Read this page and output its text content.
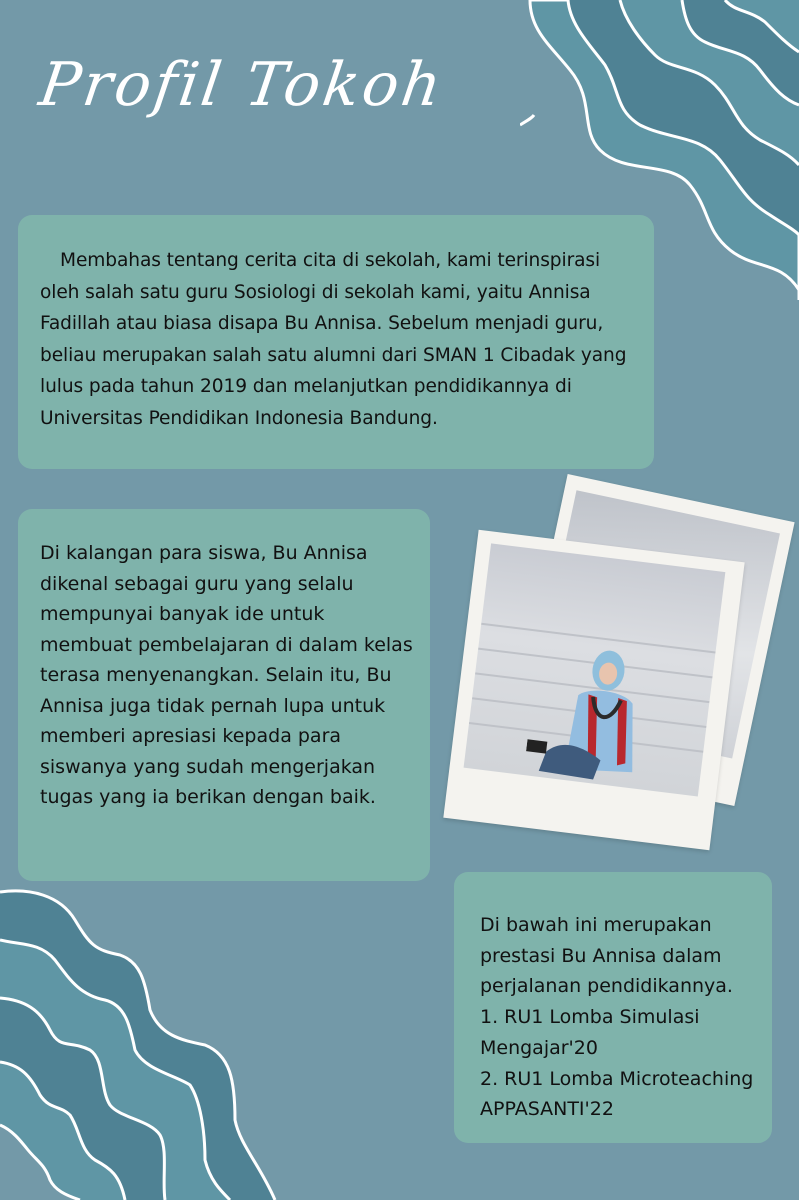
Profil Tokoh

Membahas tentang cerita cita di sekolah, kami terinspirasi oleh salah satu guru Sosiologi di sekolah kami, yaitu Annisa Fadillah atau biasa disapa Bu Annisa. Sebelum menjadi guru, beliau merupakan salah satu alumni dari SMAN 1 Cibadak yang lulus pada tahun 2019 dan melanjutkan pendidikannya di Universitas Pendidikan Indonesia Bandung.

Di kalangan para siswa, Bu Annisa dikenal sebagai guru yang selalu mempunyai banyak ide untuk membuat pembelajaran di dalam kelas terasa menyenangkan. Selain itu, Bu Annisa juga tidak pernah lupa untuk memberi apresiasi kepada para siswanya yang sudah mengerjakan tugas yang ia berikan dengan baik.

Di bawah ini merupakan prestasi Bu Annisa dalam perjalanan pendidikannya.

1. RU1 Lomba Simulasi Mengajar'20

2. RU1 Lomba Microteaching APPASANTI'22
